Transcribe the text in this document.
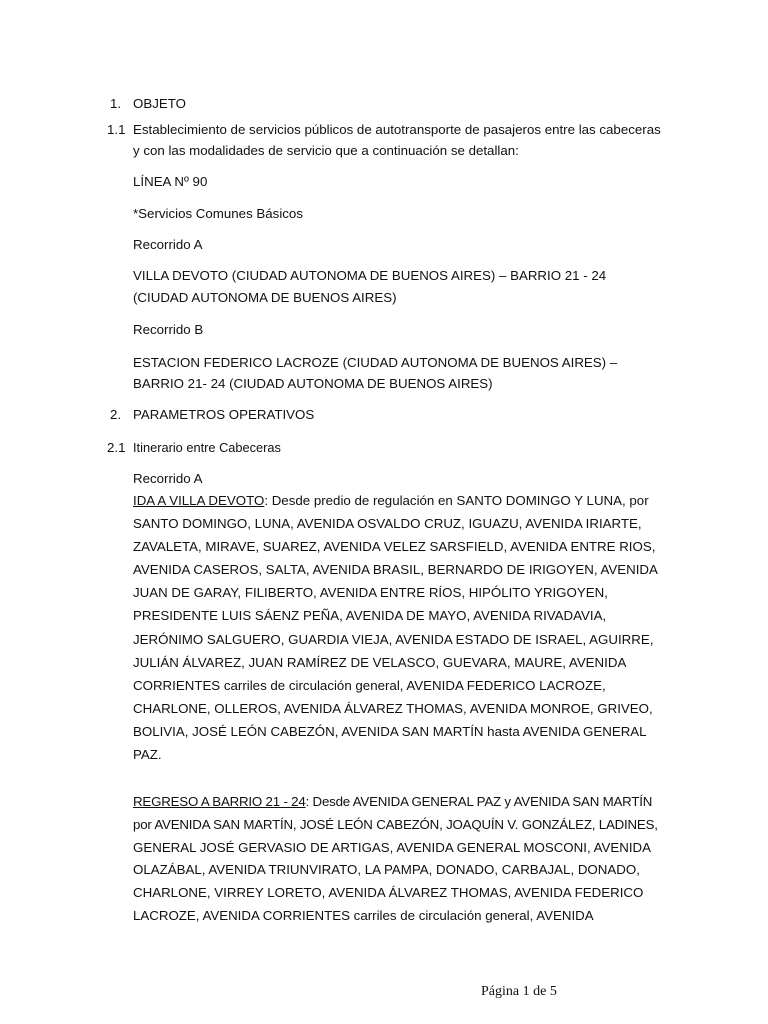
1. OBJETO
1.1 Establecimiento de servicios públicos de autotransporte de pasajeros entre las cabeceras
y con las modalidades de servicio que a continuación se detallan:
LÍNEA Nº 90
*Servicios Comunes Básicos
Recorrido A
VILLA DEVOTO (CIUDAD AUTONOMA DE BUENOS AIRES) – BARRIO 21 - 24
(CIUDAD AUTONOMA DE BUENOS AIRES)
Recorrido B
ESTACION FEDERICO LACROZE (CIUDAD AUTONOMA DE BUENOS AIRES) –
BARRIO 21- 24 (CIUDAD AUTONOMA DE BUENOS AIRES)
2. PARAMETROS OPERATIVOS
2.1 Itinerario entre Cabeceras
Recorrido A
IDA A VILLA DEVOTO: Desde predio de regulación en SANTO DOMINGO Y LUNA, por
SANTO DOMINGO, LUNA, AVENIDA OSVALDO CRUZ, IGUAZU, AVENIDA IRIARTE,
ZAVALETA, MIRAVE, SUAREZ, AVENIDA VELEZ SARSFIELD, AVENIDA ENTRE RIOS,
AVENIDA CASEROS, SALTA, AVENIDA BRASIL, BERNARDO DE IRIGOYEN, AVENIDA
JUAN DE GARAY, FILIBERTO, AVENIDA ENTRE RÍOS, HIPÓLITO YRIGOYEN,
PRESIDENTE LUIS SÁENZ PEÑA, AVENIDA DE MAYO, AVENIDA RIVADAVIA,
JERÓNIMO SALGUERO, GUARDIA VIEJA, AVENIDA ESTADO DE ISRAEL, AGUIRRE,
JULIÁN ÁLVAREZ, JUAN RAMÍREZ DE VELASCO, GUEVARA, MAURE, AVENIDA
CORRIENTES carriles de circulación general, AVENIDA FEDERICO LACROZE,
CHARLONE, OLLEROS, AVENIDA ÁLVAREZ THOMAS, AVENIDA MONROE, GRIVEO,
BOLIVIA, JOSÉ LEÓN CABEZÓN, AVENIDA SAN MARTÍN hasta AVENIDA GENERAL
PAZ.
REGRESO A BARRIO 21 - 24: Desde AVENIDA GENERAL PAZ y AVENIDA SAN MARTÍN
por AVENIDA SAN MARTÍN, JOSÉ LEÓN CABEZÓN, JOAQUÍN V. GONZÁLEZ, LADINES,
GENERAL JOSÉ GERVASIO DE ARTIGAS, AVENIDA GENERAL MOSCONI, AVENIDA
OLAZÁBAL, AVENIDA TRIUNVIRATO, LA PAMPA, DONADO, CARBAJAL, DONADO,
CHARLONE, VIRREY LORETO, AVENIDA ÁLVAREZ THOMAS, AVENIDA FEDERICO
LACROZE, AVENIDA CORRIENTES carriles de circulación general, AVENIDA
Página 1 de 5
